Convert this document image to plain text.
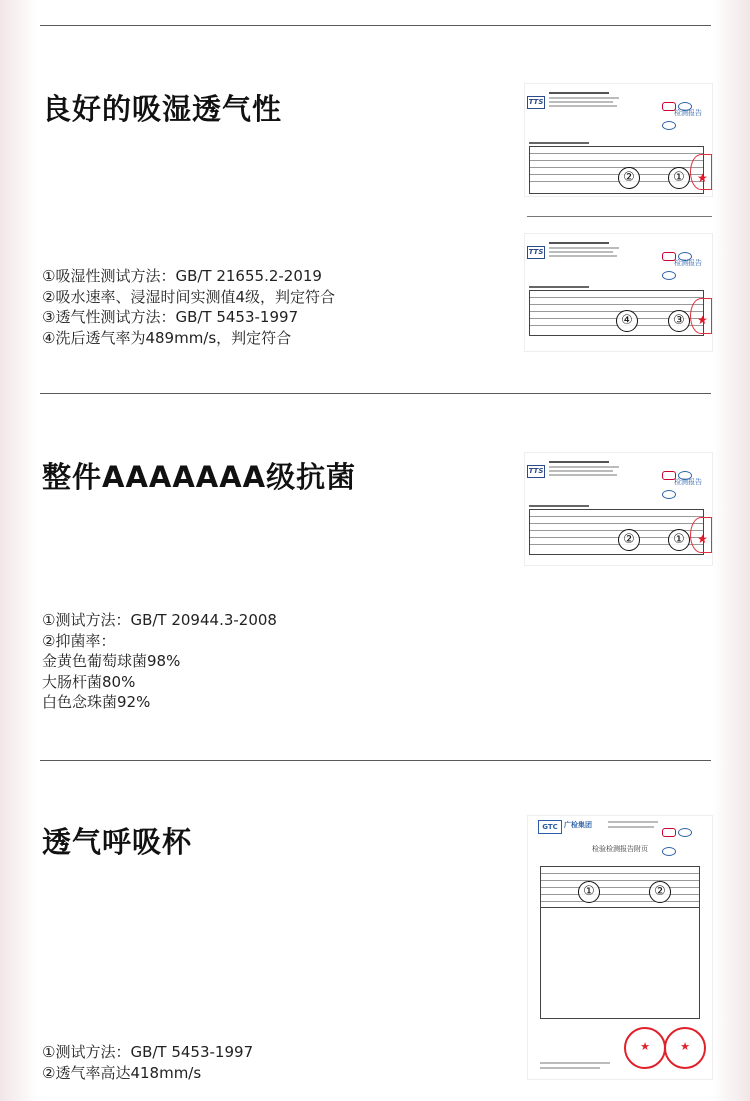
良好的吸湿透气性
①吸湿性测试方法：GB/T 21655.2-2019
②吸水速率、浸湿时间实测值4级，判定符合
③透气性测试方法：GB/T 5453-1997
④洗后透气率为489mm/s，判定符合
TTS
检测报告
②	①	★
TTS
检测报告
④	③	★
整件AAAAAAA级抗菌
①测试方法：GB/T 20944.3-2008
②抑菌率：
金黄色葡萄球菌98%
大肠杆菌80%
白色念珠菌92%
TTS
检测报告
②	①	★
透气呼吸杯
①测试方法：GB/T 5453-1997
②透气率高达418mm/s
GTC 广检集团
检验检测报告附页
①	②
★	★
